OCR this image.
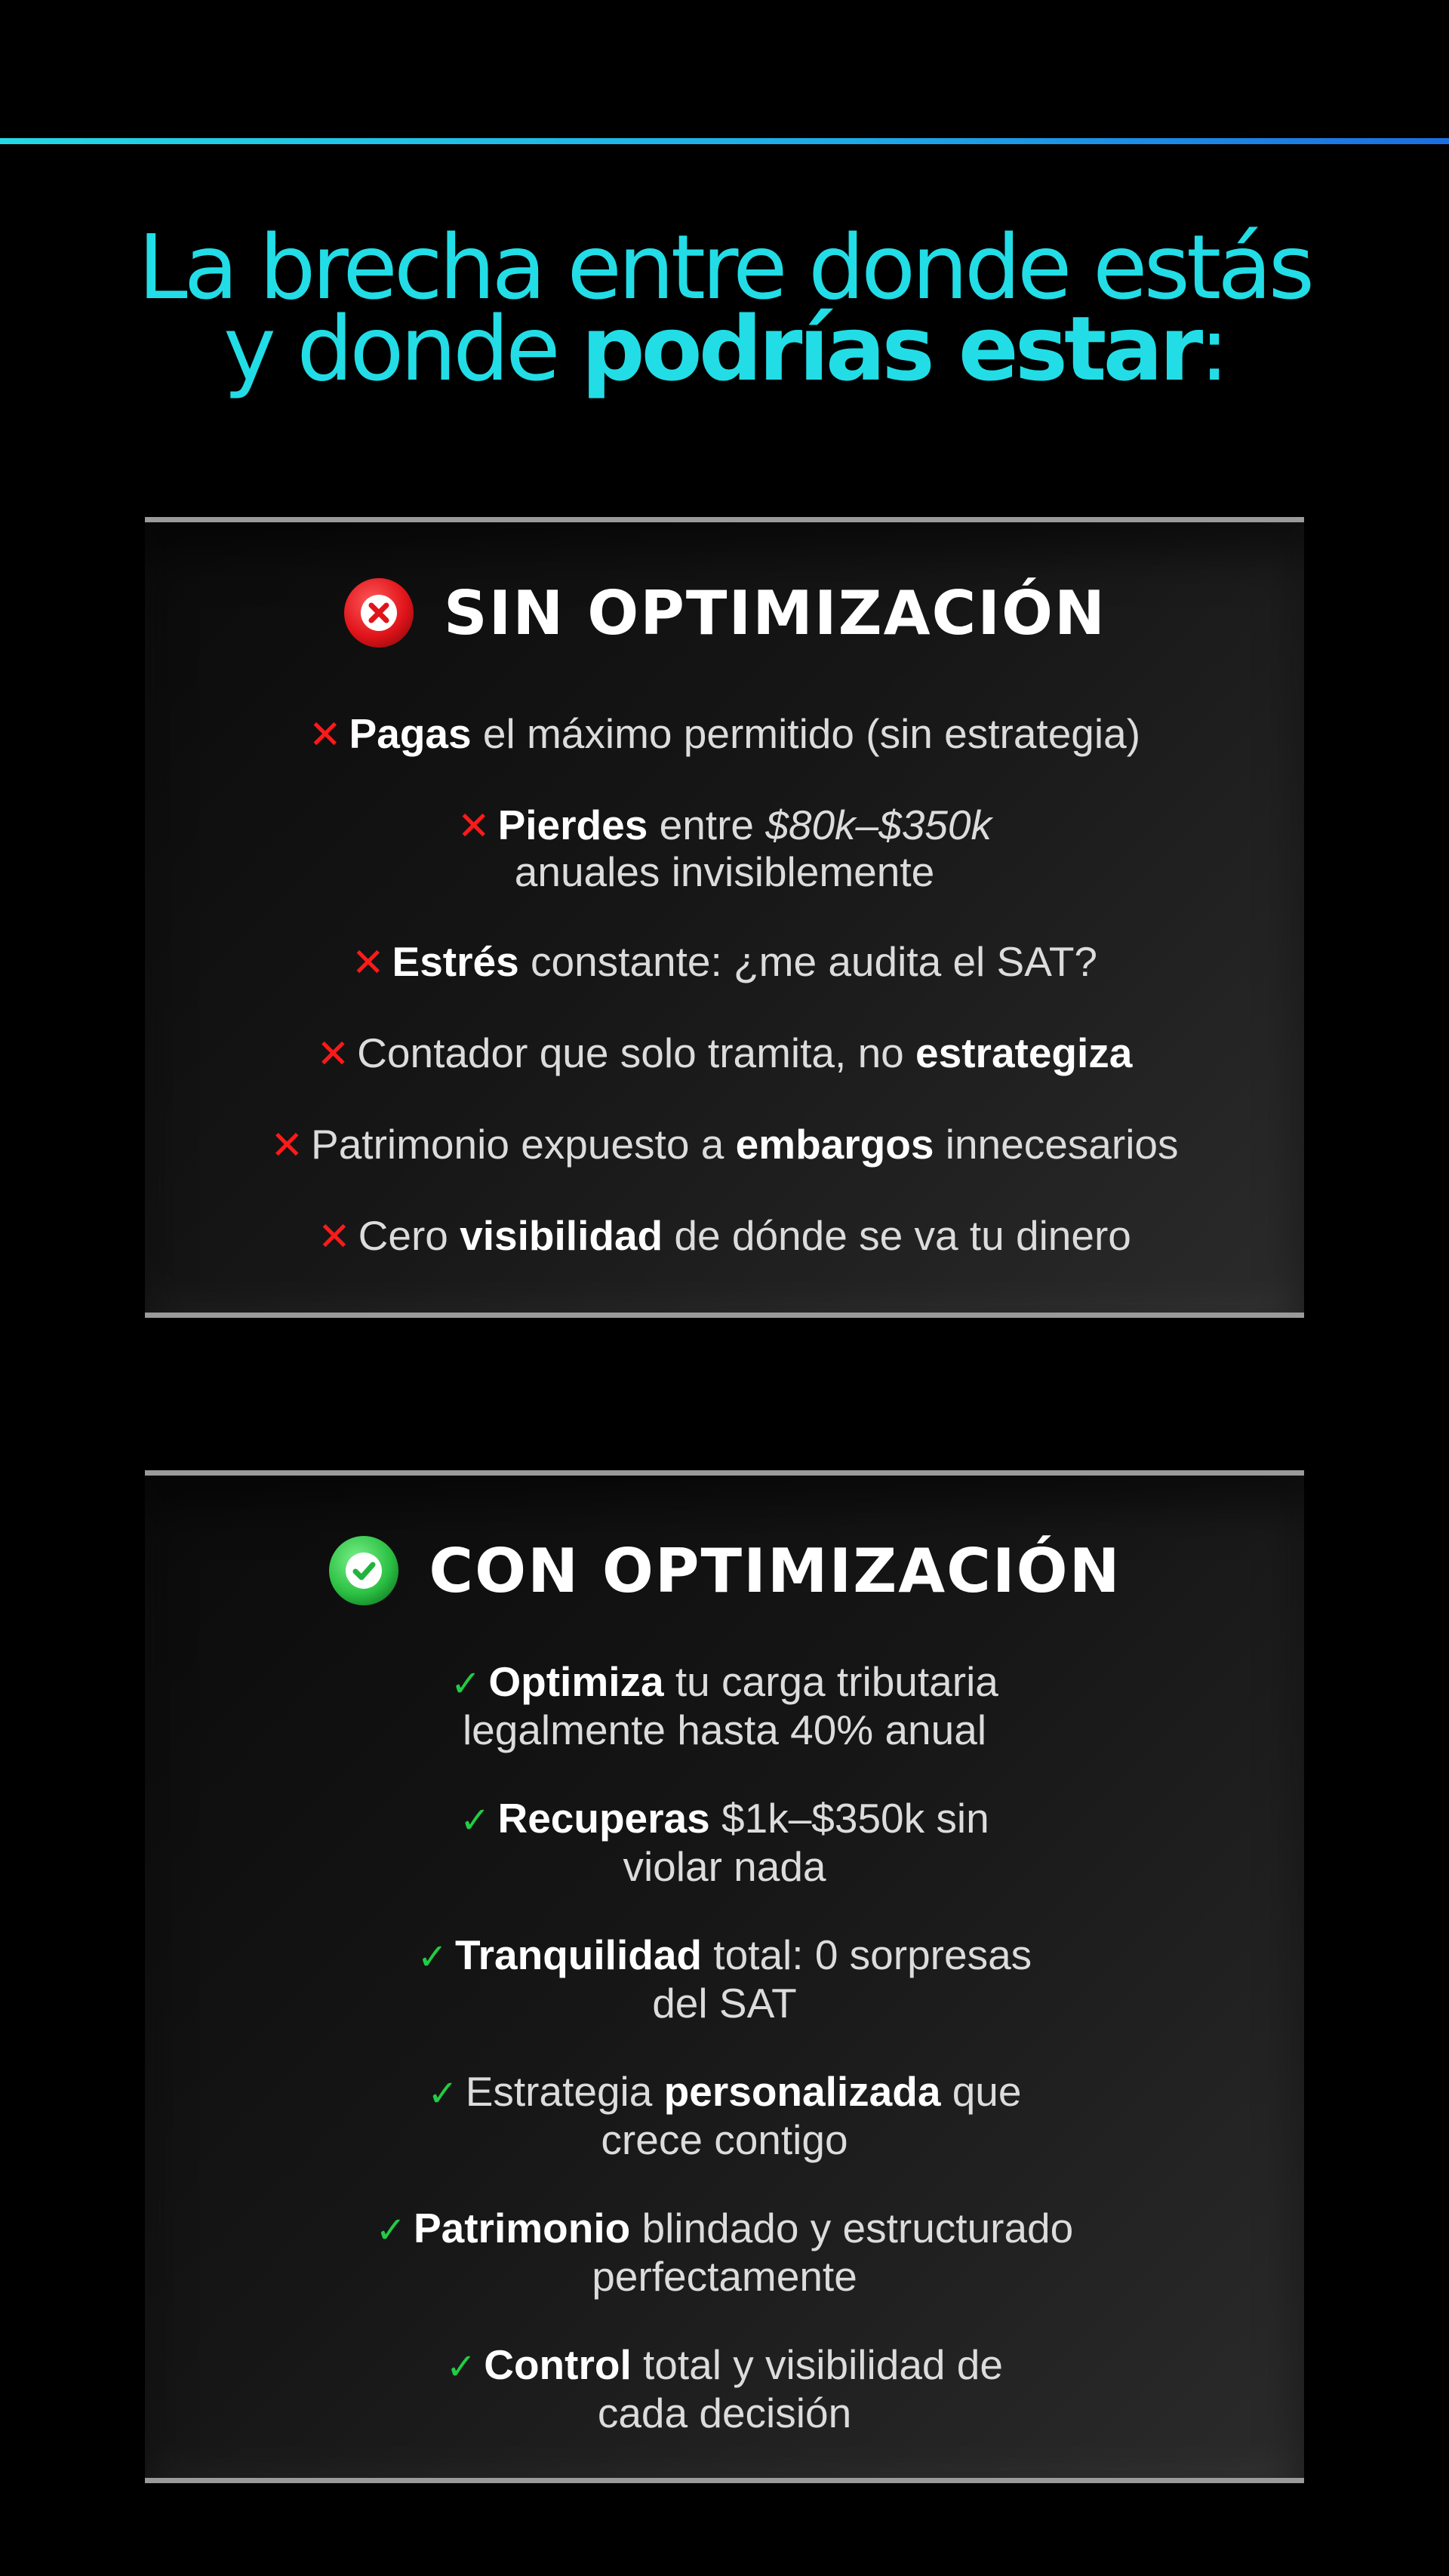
La brecha entre donde estás
y donde podrías estar:
SIN OPTIMIZACIÓN
✕ Pagas el máximo permitido (sin estrategia)
✕ Pierdes entre $80k–$350k
anuales invisiblemente
✕ Estrés constante: ¿me audita el SAT?
✕ Contador que solo tramita, no estrategiza
✕ Patrimonio expuesto a embargos innecesarios
✕ Cero visibilidad de dónde se va tu dinero
CON OPTIMIZACIÓN
✓ Optimiza tu carga tributaria
legalmente hasta 40% anual
✓ Recuperas $1k–$350k sin
violar nada
✓ Tranquilidad total: 0 sorpresas
del SAT
✓ Estrategia personalizada que
crece contigo
✓ Patrimonio blindado y estructurado
perfectamente
✓ Control total y visibilidad de
cada decisión
